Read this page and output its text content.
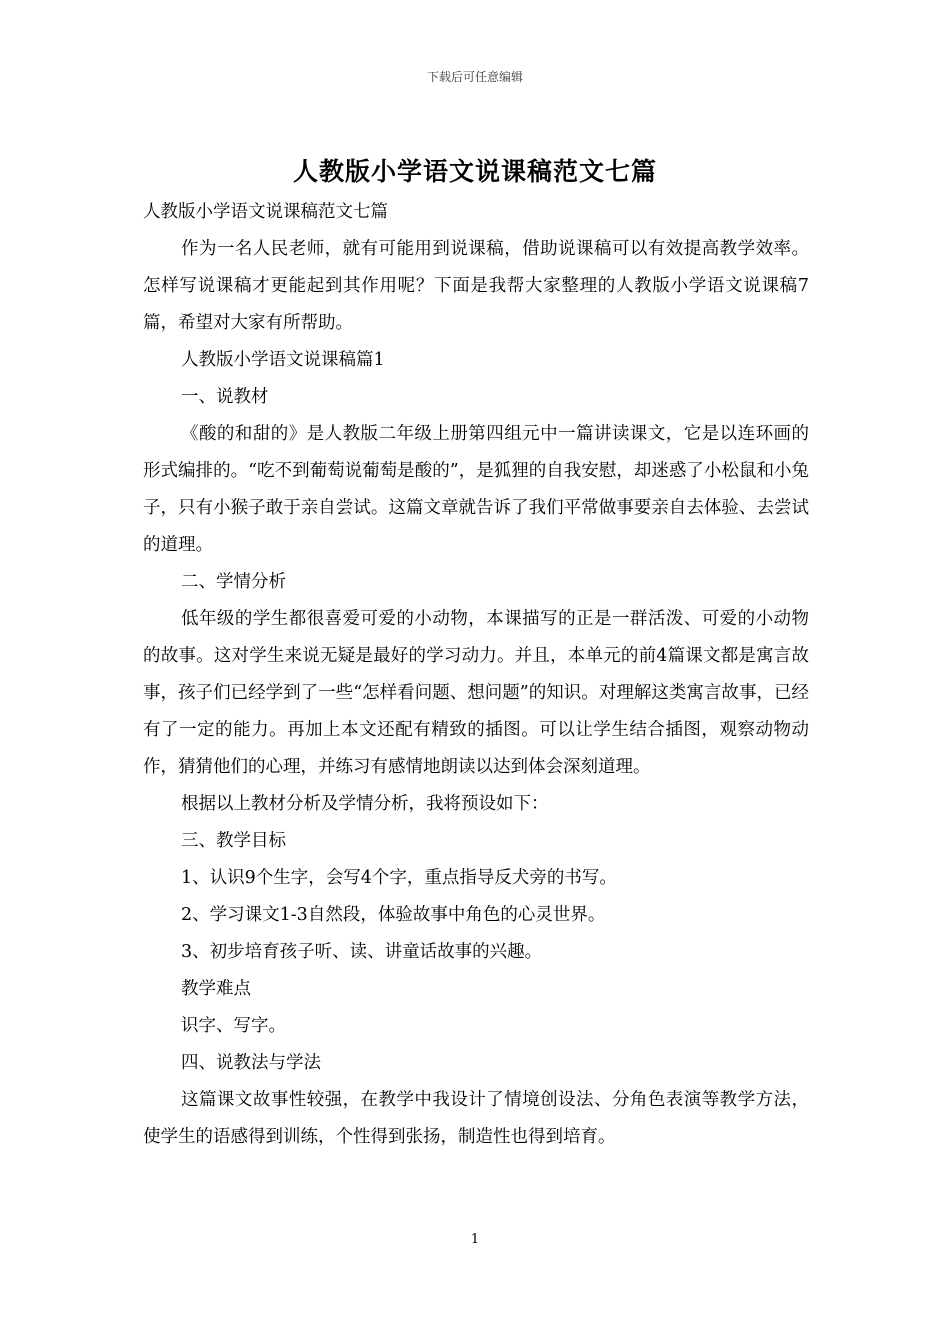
下载后可任意编辑
人教版小学语文说课稿范文七篇

人教版小学语文说课稿范文七篇

作为一名人民老师，就有可能用到说课稿，借助说课稿可以有效提高教学效率。怎样写说课稿才更能起到其作用呢？下面是我帮大家整理的人教版小学语文说课稿7篇，希望对大家有所帮助。

人教版小学语文说课稿篇1

一、说教材

《酸的和甜的》是人教版二年级上册第四组元中一篇讲读课文，它是以连环画的形式编排的。“吃不到葡萄说葡萄是酸的”，是狐狸的自我安慰，却迷惑了小松鼠和小兔子，只有小猴子敢于亲自尝试。这篇文章就告诉了我们平常做事要亲自去体验、去尝试的道理。

二、学情分析

低年级的学生都很喜爱可爱的小动物，本课描写的正是一群活泼、可爱的小动物的故事。这对学生来说无疑是最好的学习动力。并且，本单元的前4篇课文都是寓言故事，孩子们已经学到了一些“怎样看问题、想问题”的知识。对理解这类寓言故事，已经有了一定的能力。再加上本文还配有精致的插图。可以让学生结合插图，观察动物动作，猜猜他们的心理，并练习有感情地朗读以达到体会深刻道理。

根据以上教材分析及学情分析，我将预设如下：

三、教学目标

1、认识9个生字，会写4个字，重点指导反犬旁的书写。

2、学习课文1-3自然段，体验故事中角色的心灵世界。

3、初步培育孩子听、读、讲童话故事的兴趣。

教学难点

识字、写字。

四、说教法与学法

这篇课文故事性较强，在教学中我设计了情境创设法、分角色表演等教学方法，使学生的语感得到训练，个性得到张扬，制造性也得到培育。

1
